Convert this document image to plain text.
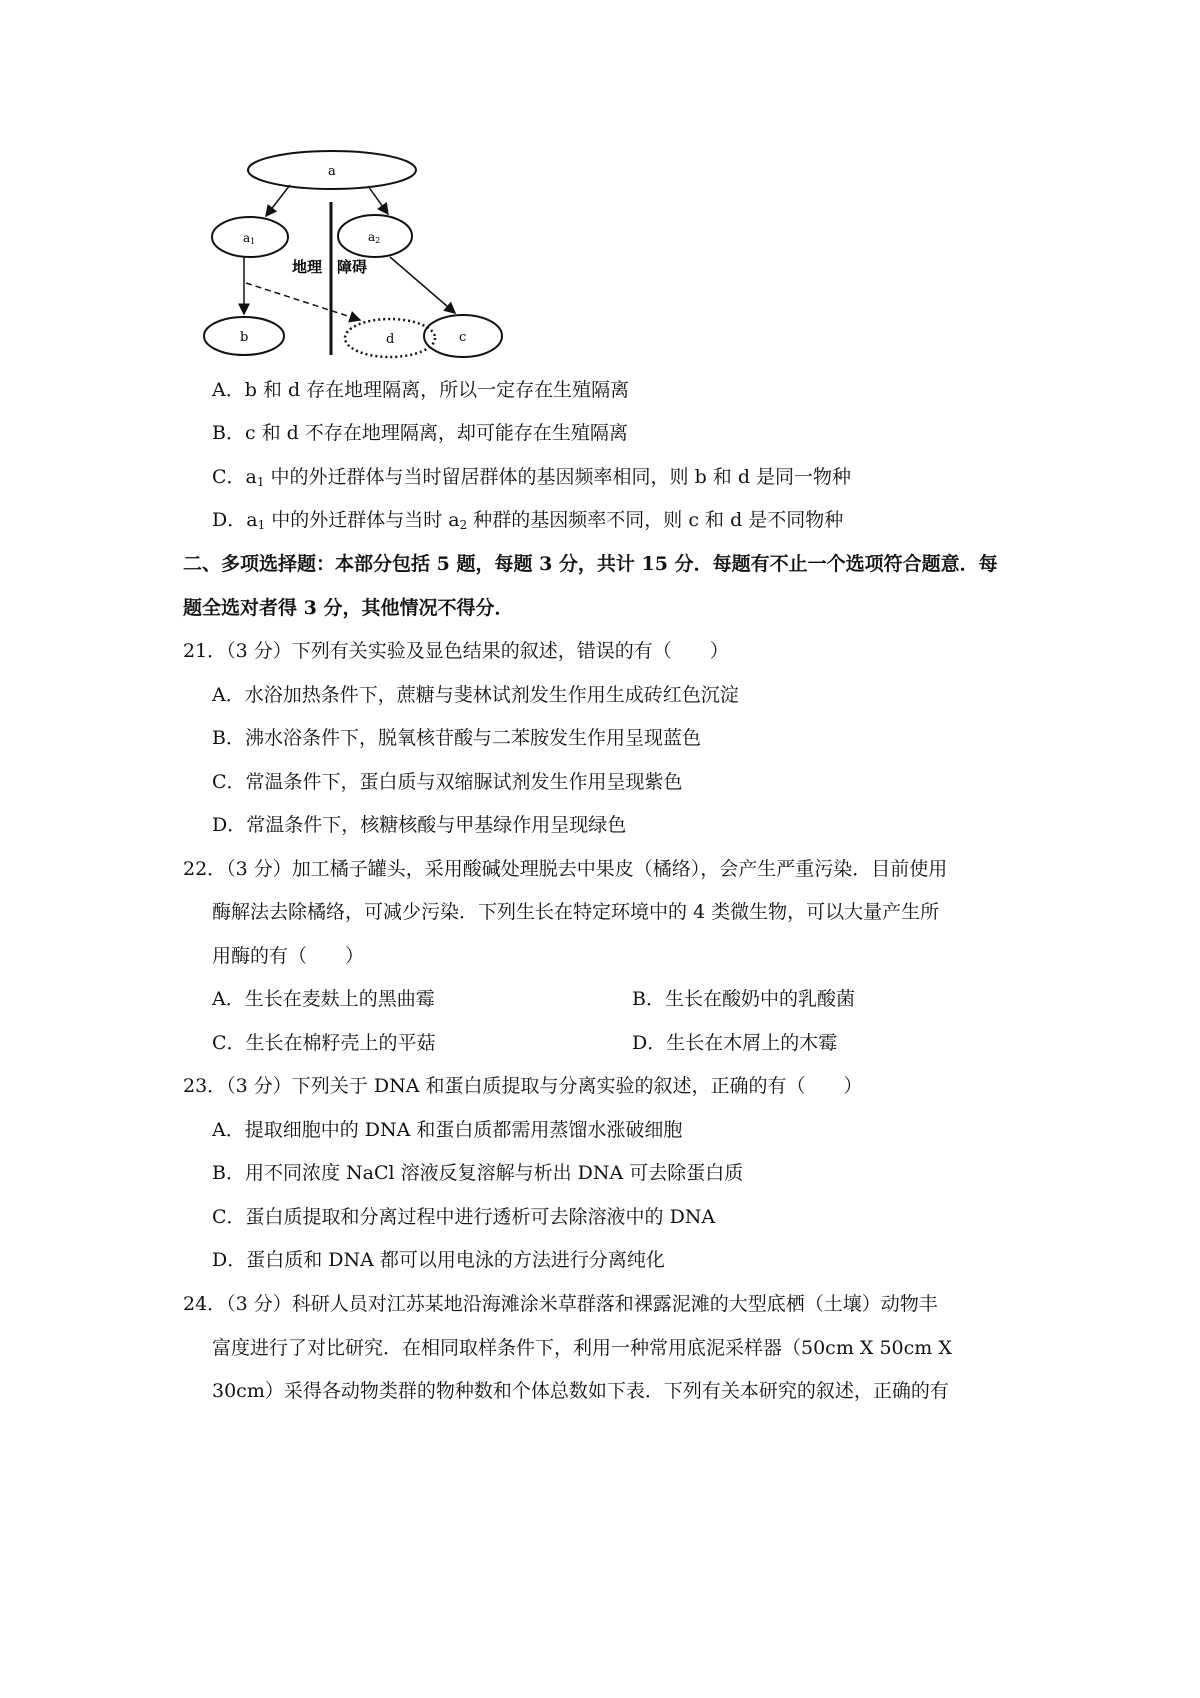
a
a1	a2
b	d	c
地理 障碍
A．b 和 d 存在地理隔离，所以一定存在生殖隔离
B．c 和 d 不存在地理隔离，却可能存在生殖隔离
C．$a_1$ 中的外迁群体与当时留居群体的基因频率相同，则 b 和 d 是同一物种
D．$a_1$ 中的外迁群体与当时 $a_2$ 种群的基因频率不同，则 c 和 d 是不同物种
二、多项选择题：本部分包括 5 题，每题 3 分，共计 15 分．每题有不止一个选项符合题意．每
题全选对者得 3 分，其他情况不得分．
21．（3 分）下列有关实验及显色结果的叙述，错误的有（　　）
A．水浴加热条件下，蔗糖与斐林试剂发生作用生成砖红色沉淀
B．沸水浴条件下，脱氧核苷酸与二苯胺发生作用呈现蓝色
C．常温条件下，蛋白质与双缩脲试剂发生作用呈现紫色
D．常温条件下，核糖核酸与甲基绿作用呈现绿色
22．（3 分）加工橘子罐头，采用酸碱处理脱去中果皮（橘络），会产生严重污染．目前使用
酶解法去除橘络，可减少污染．下列生长在特定环境中的 4 类微生物，可以大量产生所
用酶的有（　　）
A．生长在麦麸上的黑曲霉	B．生长在酸奶中的乳酸菌
C．生长在棉籽壳上的平菇	D．生长在木屑上的木霉
23．（3 分）下列关于 DNA 和蛋白质提取与分离实验的叙述，正确的有（　　）
A．提取细胞中的 DNA 和蛋白质都需用蒸馏水涨破细胞
B．用不同浓度 NaCl 溶液反复溶解与析出 DNA 可去除蛋白质
C．蛋白质提取和分离过程中进行透析可去除溶液中的 DNA
D．蛋白质和 DNA 都可以用电泳的方法进行分离纯化
24．（3 分）科研人员对江苏某地沿海滩涂米草群落和裸露泥滩的大型底栖（土壤）动物丰
富度进行了对比研究．在相同取样条件下，利用一种常用底泥采样器（50cm X 50cm X
30cm）采得各动物类群的物种数和个体总数如下表．下列有关本研究的叙述，正确的有
